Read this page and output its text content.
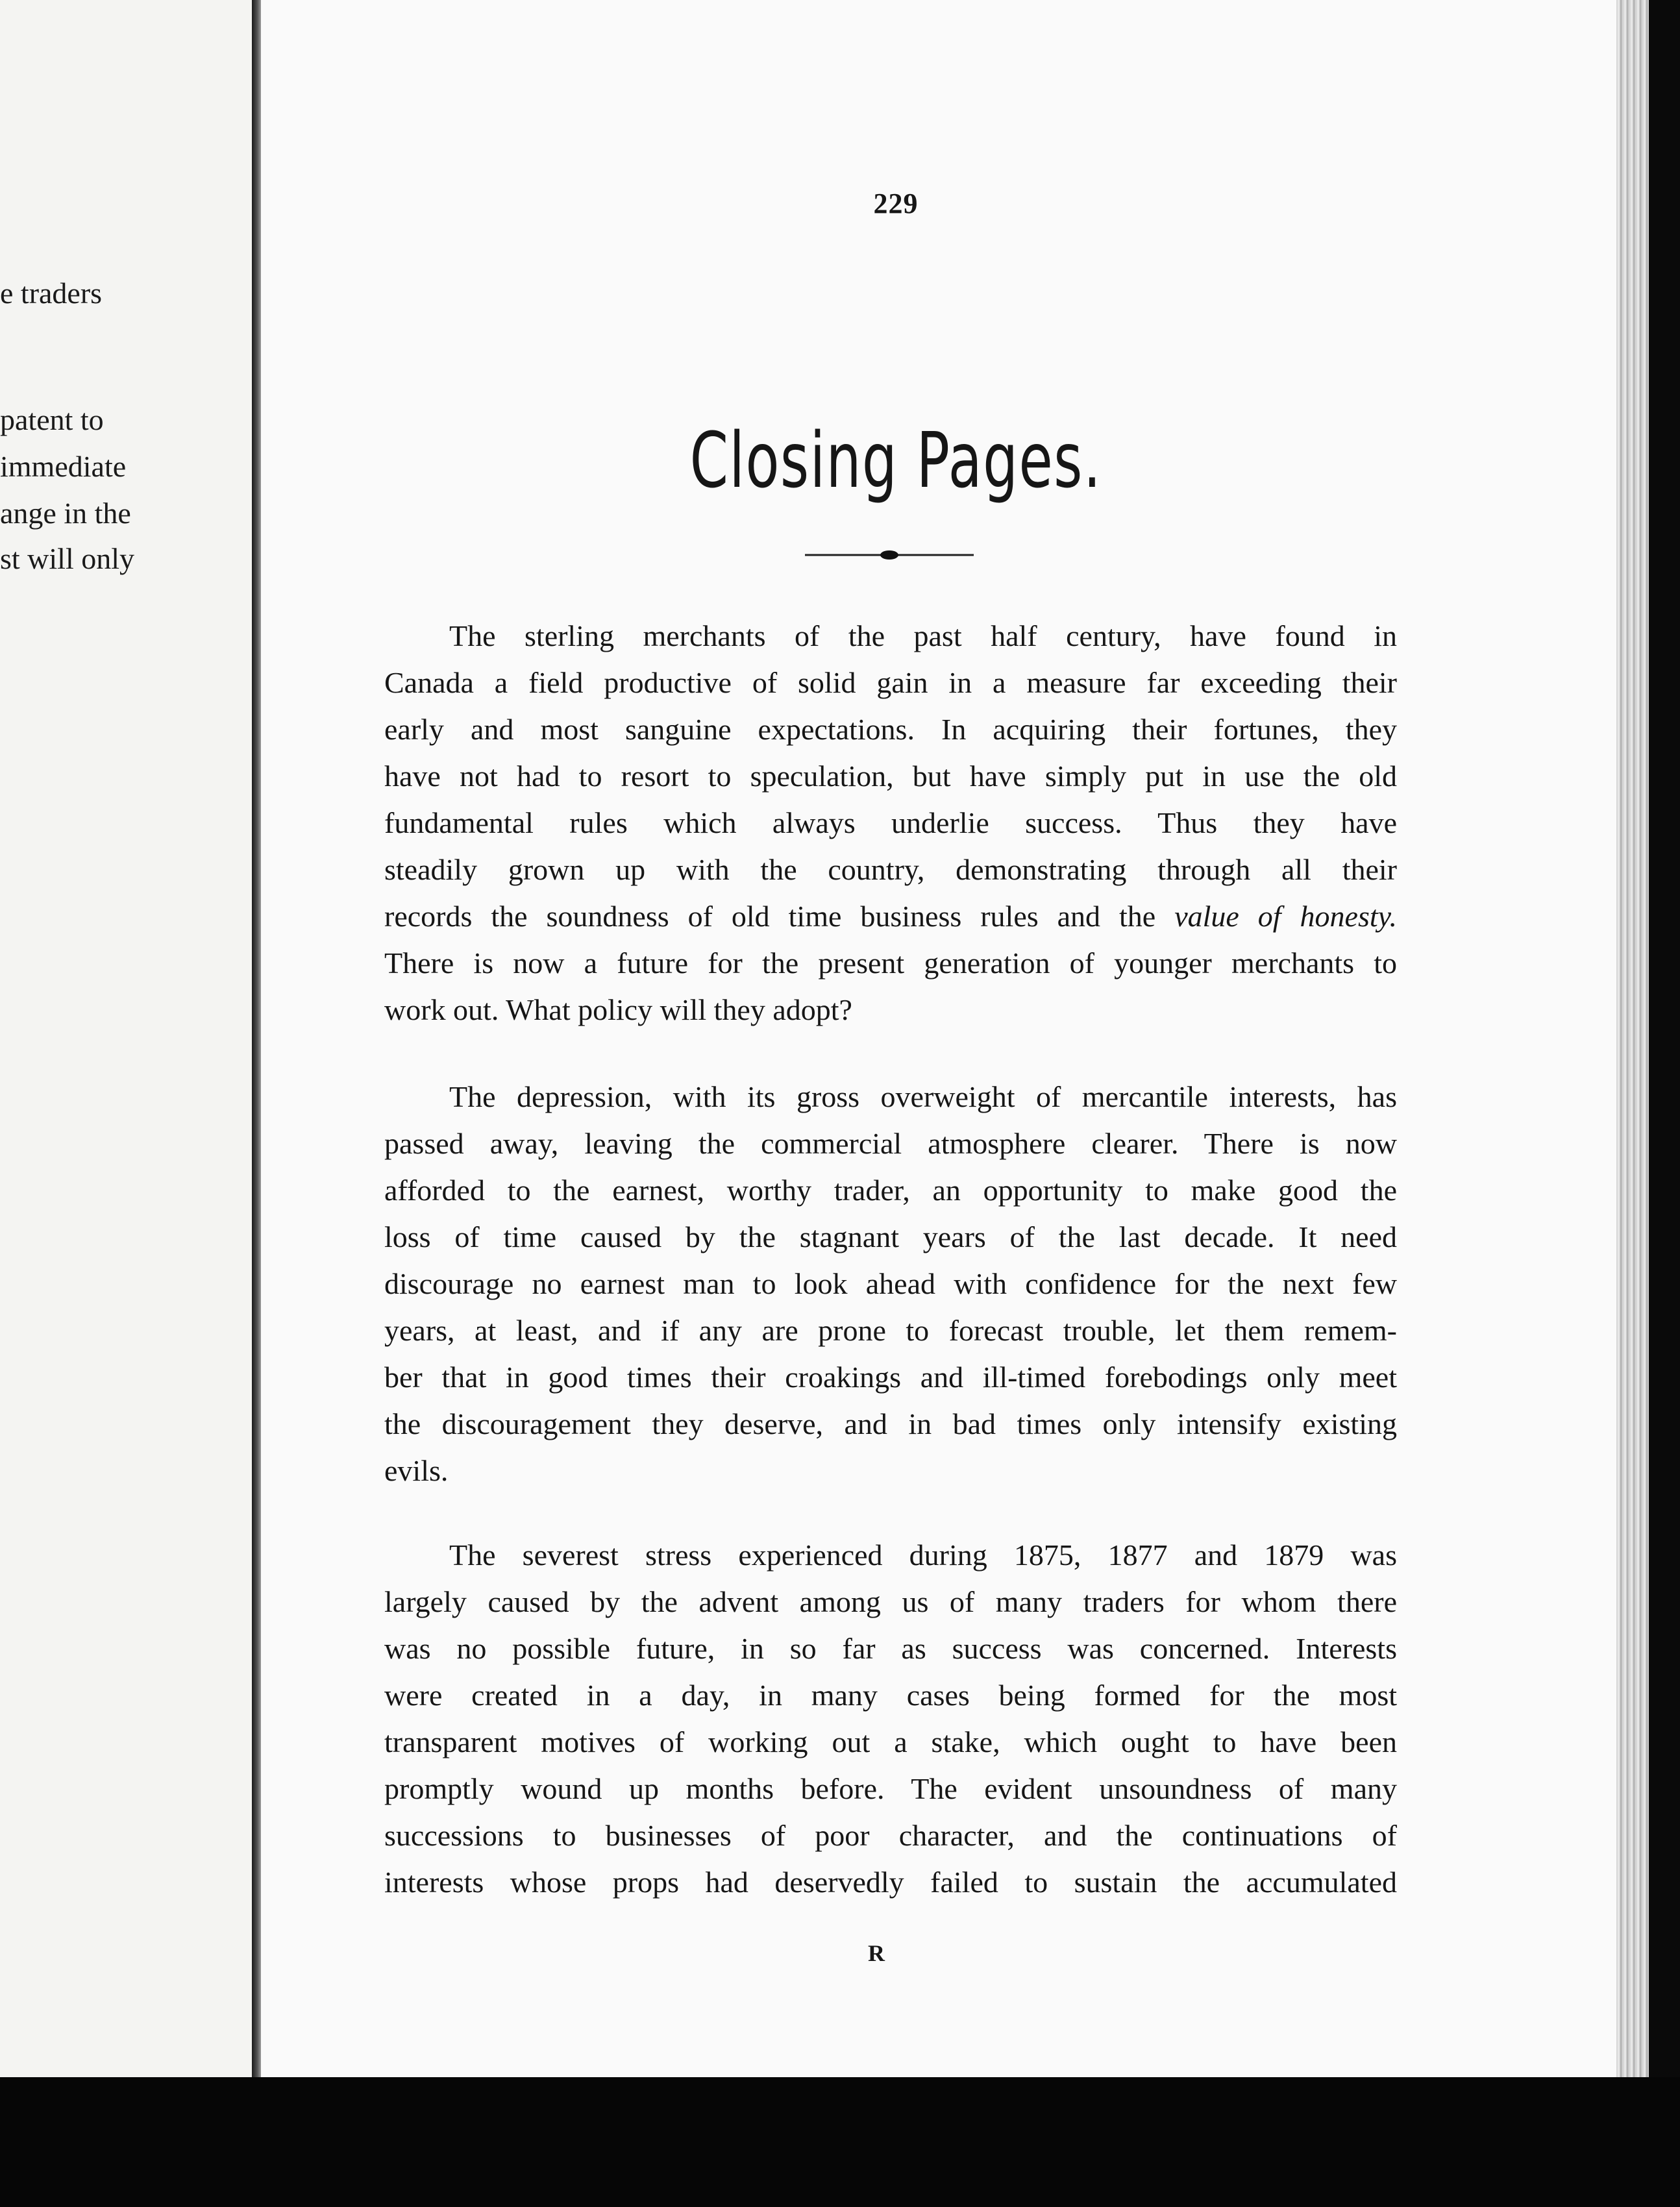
e traders
patent to
immediate
ange in the
st will only
229
Closing Pages.
The sterling merchants of the past half century, have found in
Canada a field productive of solid gain in a measure far exceeding their
early and most sanguine expectations. In acquiring their fortunes, they
have not had to resort to speculation, but have simply put in use the old
fundamental rules which always underlie success. Thus they have
steadily grown up with the country, demonstrating through all their
records the soundness of old time business rules and the value of honesty.
There is now a future for the present generation of younger merchants to
work out. What policy will they adopt?
The depression, with its gross overweight of mercantile interests, has
passed away, leaving the commercial atmosphere clearer. There is now
afforded to the earnest, worthy trader, an opportunity to make good the
loss of time caused by the stagnant years of the last decade. It need
discourage no earnest man to look ahead with confidence for the next few
years, at least, and if any are prone to forecast trouble, let them remem-
ber that in good times their croakings and ill-timed forebodings only meet
the discouragement they deserve, and in bad times only intensify existing
evils.
The severest stress experienced during 1875, 1877 and 1879 was
largely caused by the advent among us of many traders for whom there
was no possible future, in so far as success was concerned. Interests
were created in a day, in many cases being formed for the most
transparent motives of working out a stake, which ought to have been
promptly wound up months before. The evident unsoundness of many
successions to businesses of poor character, and the continuations of
interests whose props had deservedly failed to sustain the accumulated
R
